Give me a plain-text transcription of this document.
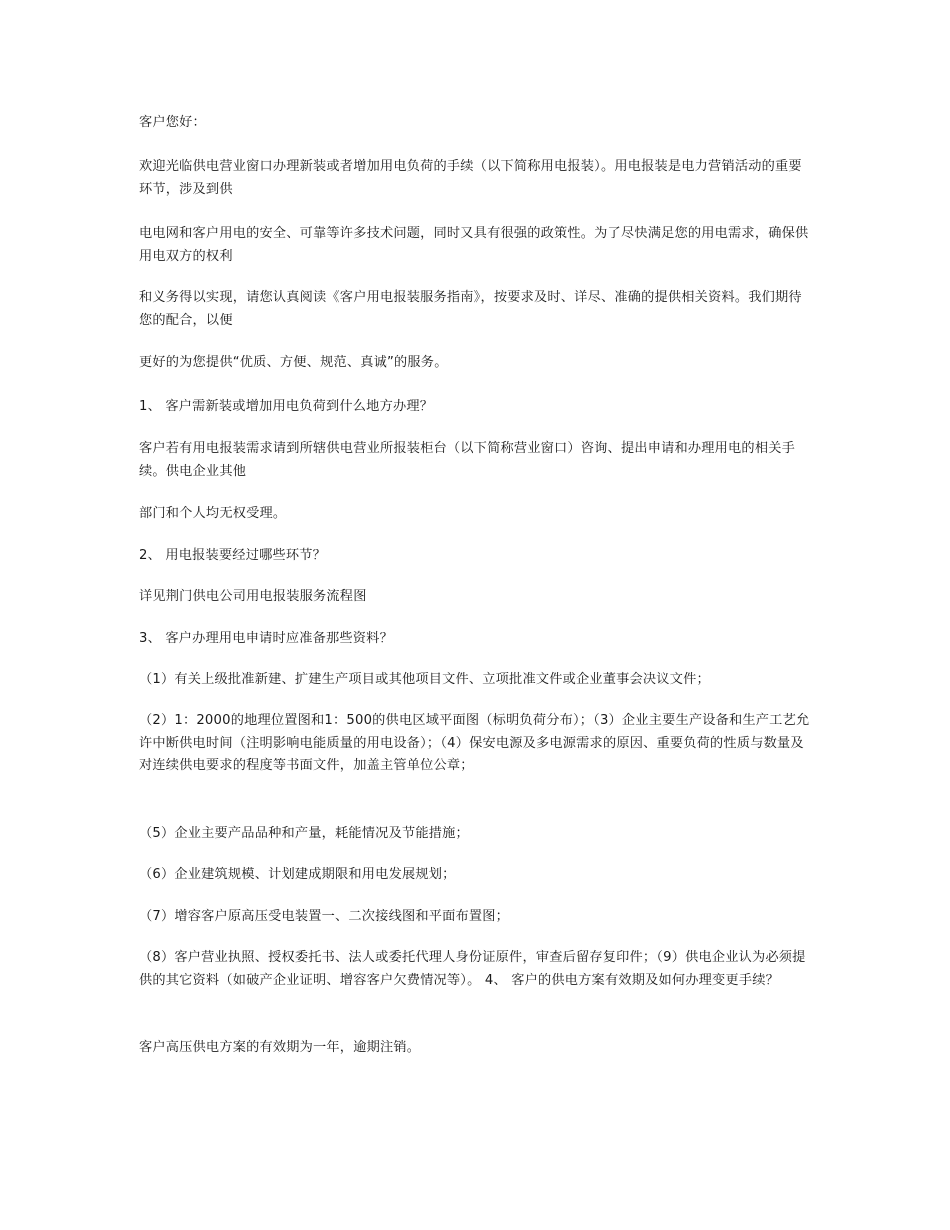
客户您好：

欢迎光临供电营业窗口办理新装或者增加用电负荷的手续（以下简称用电报装）。用电报装是电力营销活动的重要环节，涉及到供

电电网和客户用电的安全、可靠等许多技术问题，同时又具有很强的政策性。为了尽快满足您的用电需求，确保供用电双方的权利

和义务得以实现，请您认真阅读《客户用电报装服务指南》，按要求及时、详尽、准确的提供相关资料。我们期待您的配合，以便

更好的为您提供“优质、方便、规范、真诚”的服务。

1、 客户需新装或增加用电负荷到什么地方办理？

客户若有用电报装需求请到所辖供电营业所报装柜台（以下简称营业窗口）咨询、提出申请和办理用电的相关手续。供电企业其他

部门和个人均无权受理。

2、 用电报装要经过哪些环节？

详见荆门供电公司用电报装服务流程图

3、 客户办理用电申请时应准备那些资料？

（1）有关上级批准新建、扩建生产项目或其他项目文件、立项批准文件或企业董事会决议文件；

（2）1：2000的地理位置图和1：500的供电区域平面图（标明负荷分布）；（3）企业主要生产设备和生产工艺允许中断供电时间（注明影响电能质量的用电设备）；（4）保安电源及多电源需求的原因、重要负荷的性质与数量及对连续供电要求的程度等书面文件，加盖主管单位公章；

（5）企业主要产品品种和产量，耗能情况及节能措施；

（6）企业建筑规模、计划建成期限和用电发展规划；

（7）增容客户原高压受电装置一、二次接线图和平面布置图；

（8）客户营业执照、授权委托书、法人或委托代理人身份证原件，审查后留存复印件；（9）供电企业认为必须提供的其它资料（如破产企业证明、增容客户欠费情况等）。 4、 客户的供电方案有效期及如何办理变更手续？

客户高压供电方案的有效期为一年，逾期注销。
